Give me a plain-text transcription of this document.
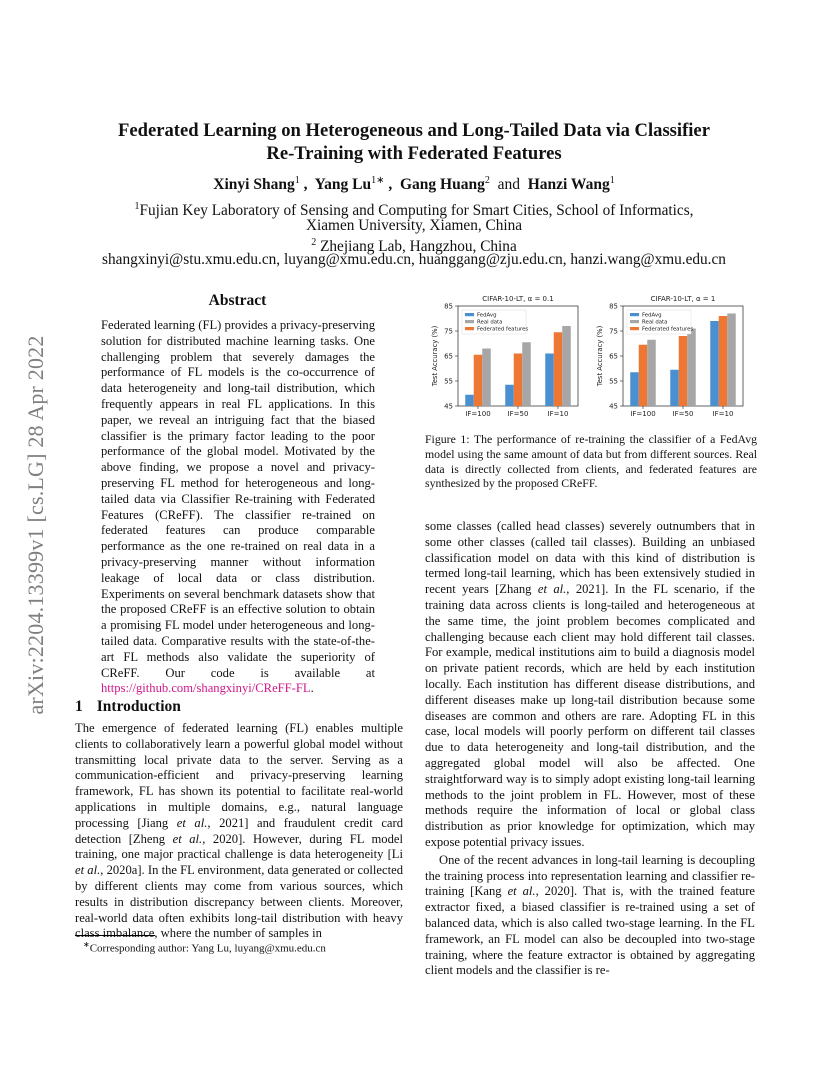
arXiv:2204.13399v1 [cs.LG] 28 Apr 2022
Federated Learning on Heterogeneous and Long-Tailed Data via Classifier
Re-Training with Federated Features
Xinyi Shang$^1$ ,  Yang $Lu^{1∗}$ ,  Gang Huang$^2$ and Hanzi Wang$^1$
$^1$Fujian Key Laboratory of Sensing and Computing for Smart Cities, School of Informatics,
Xiamen University, Xiamen, China
$^2$ Zhejiang Lab, Hangzhou, China
shangxinyi@stu.xmu.edu.cn, luyang@xmu.edu.cn, huanggang@zju.edu.cn, hanzi.wang@xmu.edu.cn
Abstract

Federated learning (FL) provides a privacy-preserving solution for distributed machine learning tasks. One challenging problem that severely damages the performance of FL models is the co-occurrence of data heterogeneity and long-tail distribution, which frequently appears in real FL applications. In this paper, we reveal an intriguing fact that the biased classifier is the primary factor leading to the poor performance of the global model. Motivated by the above finding, we propose a novel and privacy-preserving FL method for heterogeneous and long-tailed data via Classifier Re-training with Federated Features (CReFF). The classifier re-trained on federated features can produce comparable performance as the one re-trained on real data in a privacy-preserving manner without information leakage of local data or class distribution. Experiments on several benchmark datasets show that the proposed CReFF is an effective solution to obtain a promising FL model under heterogeneous and long-tailed data. Comparative results with the state-of-the-art FL methods also validate the superiority of CReFF. Our code is available at https://github.com/shangxinyi/CReFF-FL.

1 Introduction

The emergence of federated learning (FL) enables multiple clients to collaboratively learn a powerful global model without transmitting local private data to the server. Serving as a communication-efficient and privacy-preserving learning framework, FL has shown its potential to facilitate real-world applications in multiple domains, e.g., natural language processing [Jiang et al., 2021] and fraudulent credit card detection [Zheng et al., 2020]. However, during FL model training, one major practical challenge is data heterogeneity [Li et al., 2020a]. In the FL environment, data generated or collected by different clients may come from various sources, which results in distribution discrepancy between clients. Moreover, real-world data often exhibits long-tail distribution with heavy class imbalance, where the number of samples in

∗Corresponding author: Yang Lu, luyang@xmu.edu.cn
CIFAR-10-LT, α = 0.1
45
55
65
75
85
Test Accuracy (%)
IF=100 IF=50	IF=10
FedAvg
Real data
Federated features
CIFAR-10-LT, α = 1
45
55
65
75
85
Test Accuracy (%)
IF=100 IF=50	IF=10
FedAvg
Real data
Federated features
Figure 1: The performance of re-training the classifier of a FedAvg model using the same amount of data but from different sources. Real data is directly collected from clients, and federated features are synthesized by the proposed CReFF.

some classes (called head classes) severely outnumbers that in some other classes (called tail classes). Building an unbiased classification model on data with this kind of distribution is termed long-tail learning, which has been extensively studied in recent years [Zhang et al., 2021]. In the FL scenario, if the training data across clients is long-tailed and heterogeneous at the same time, the joint problem becomes complicated and challenging because each client may hold different tail classes. For example, medical institutions aim to build a diagnosis model on private patient records, which are held by each institution locally. Each institution has different disease distributions, and different diseases make up long-tail distribution because some diseases are common and others are rare. Adopting FL in this case, local models will poorly perform on different tail classes due to data heterogeneity and long-tail distribution, and the aggregated global model will also be affected. One straightforward way is to simply adopt existing long-tail learning methods to the joint problem in FL. However, most of these methods require the information of local or global class distribution as prior knowledge for optimization, which may expose potential privacy issues.

One of the recent advances in long-tail learning is decoupling the training process into representation learning and classifier re-training [Kang et al., 2020]. That is, with the trained feature extractor fixed, a biased classifier is re-trained using a set of balanced data, which is also called two-stage learning. In the FL framework, an FL model can also be decoupled into two-stage training, where the feature extractor is obtained by aggregating client models and the classifier is re-
